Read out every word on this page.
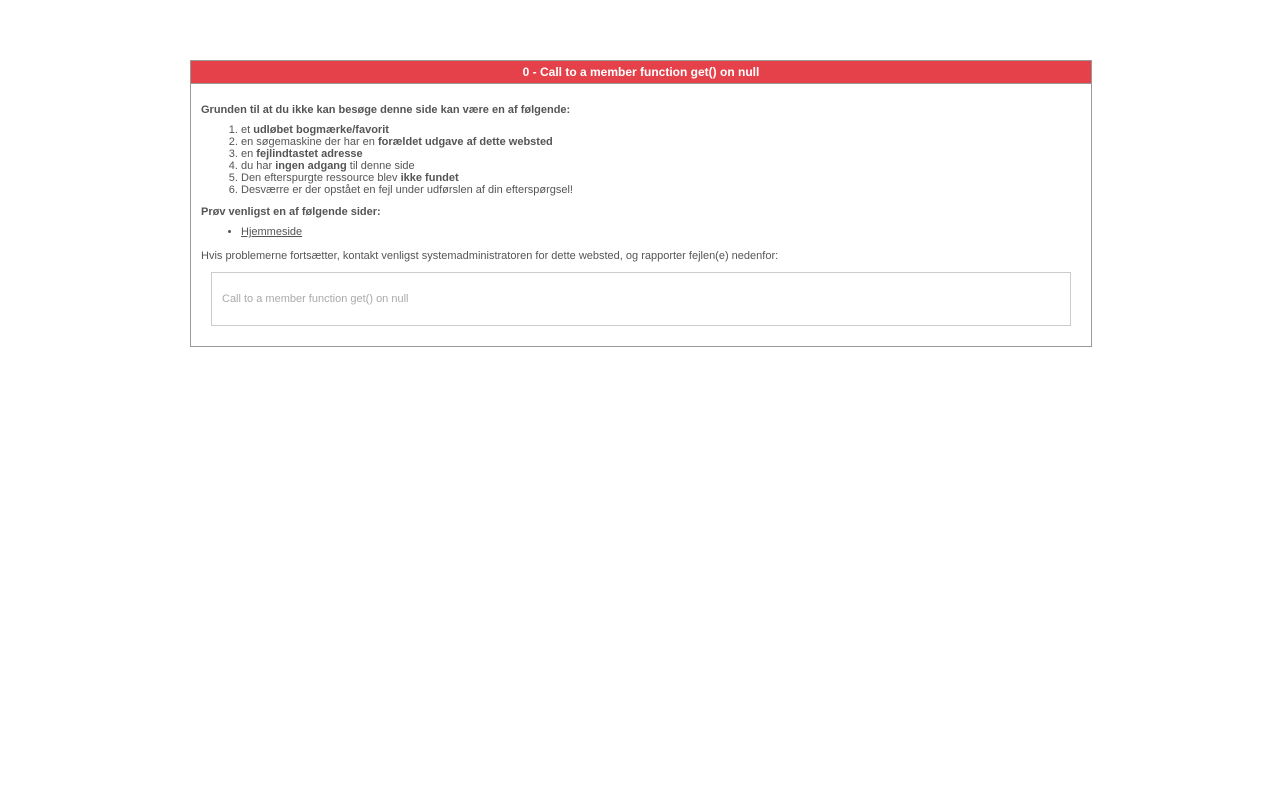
0 - Call to a member function get() on null

Grunden til at du ikke kan besøge denne side kan være en af følgende:

1. et udløbet bogmærke/favorit
2. en søgemaskine der har en forældet udgave af dette websted
3. en fejlindtastet adresse
4. du har ingen adgang til denne side
5. Den efterspurgte ressource blev ikke fundet
6. Desværre er der opstået en fejl under udførslen af din efterspørgsel!

Prøv venligst en af følgende sider:

• Hjemmeside

Hvis problemerne fortsætter, kontakt venligst systemadministratoren for dette websted, og rapporter fejlen(e) nedenfor:

Call to a member function get() on null
